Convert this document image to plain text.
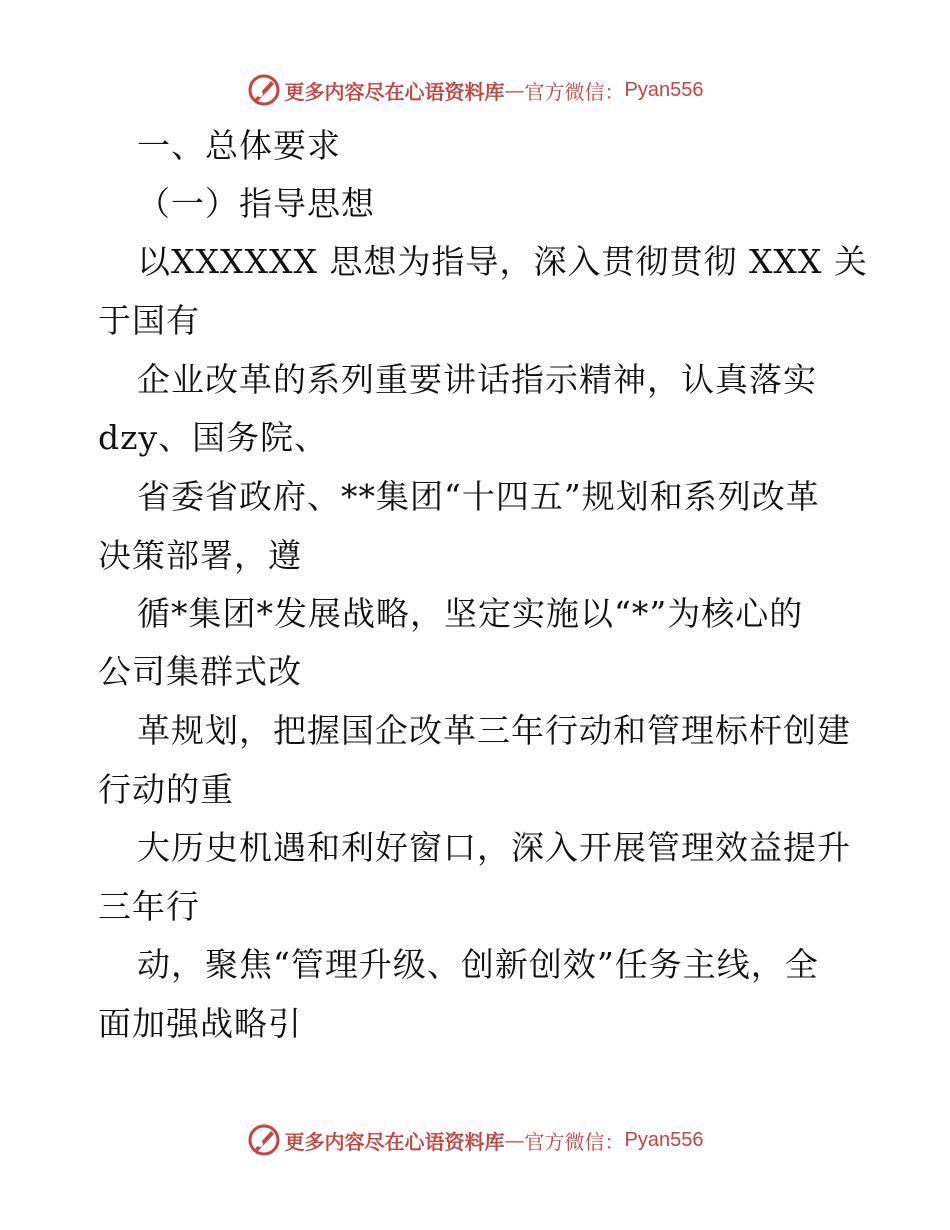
更多内容尽在心语资料库 — 官方微信： Pyan556
一、总体要求
（一）指导思想
以XXXXXX 思想为指导，深入贯彻贯彻 XXX 关
于国有
企业改革的系列重要讲话指示精神，认真落实
dzy、国务院、
省委省政府、**集团“十四五”规划和系列改革
决策部署，遵
循*集团*发展战略，坚定实施以“*”为核心的
公司集群式改
革规划，把握国企改革三年行动和管理标杆创建
行动的重
大历史机遇和利好窗口，深入开展管理效益提升
三年行
动，聚焦“管理升级、创新创效”任务主线，全
面加强战略引
更多内容尽在心语资料库 — 官方微信： Pyan556
